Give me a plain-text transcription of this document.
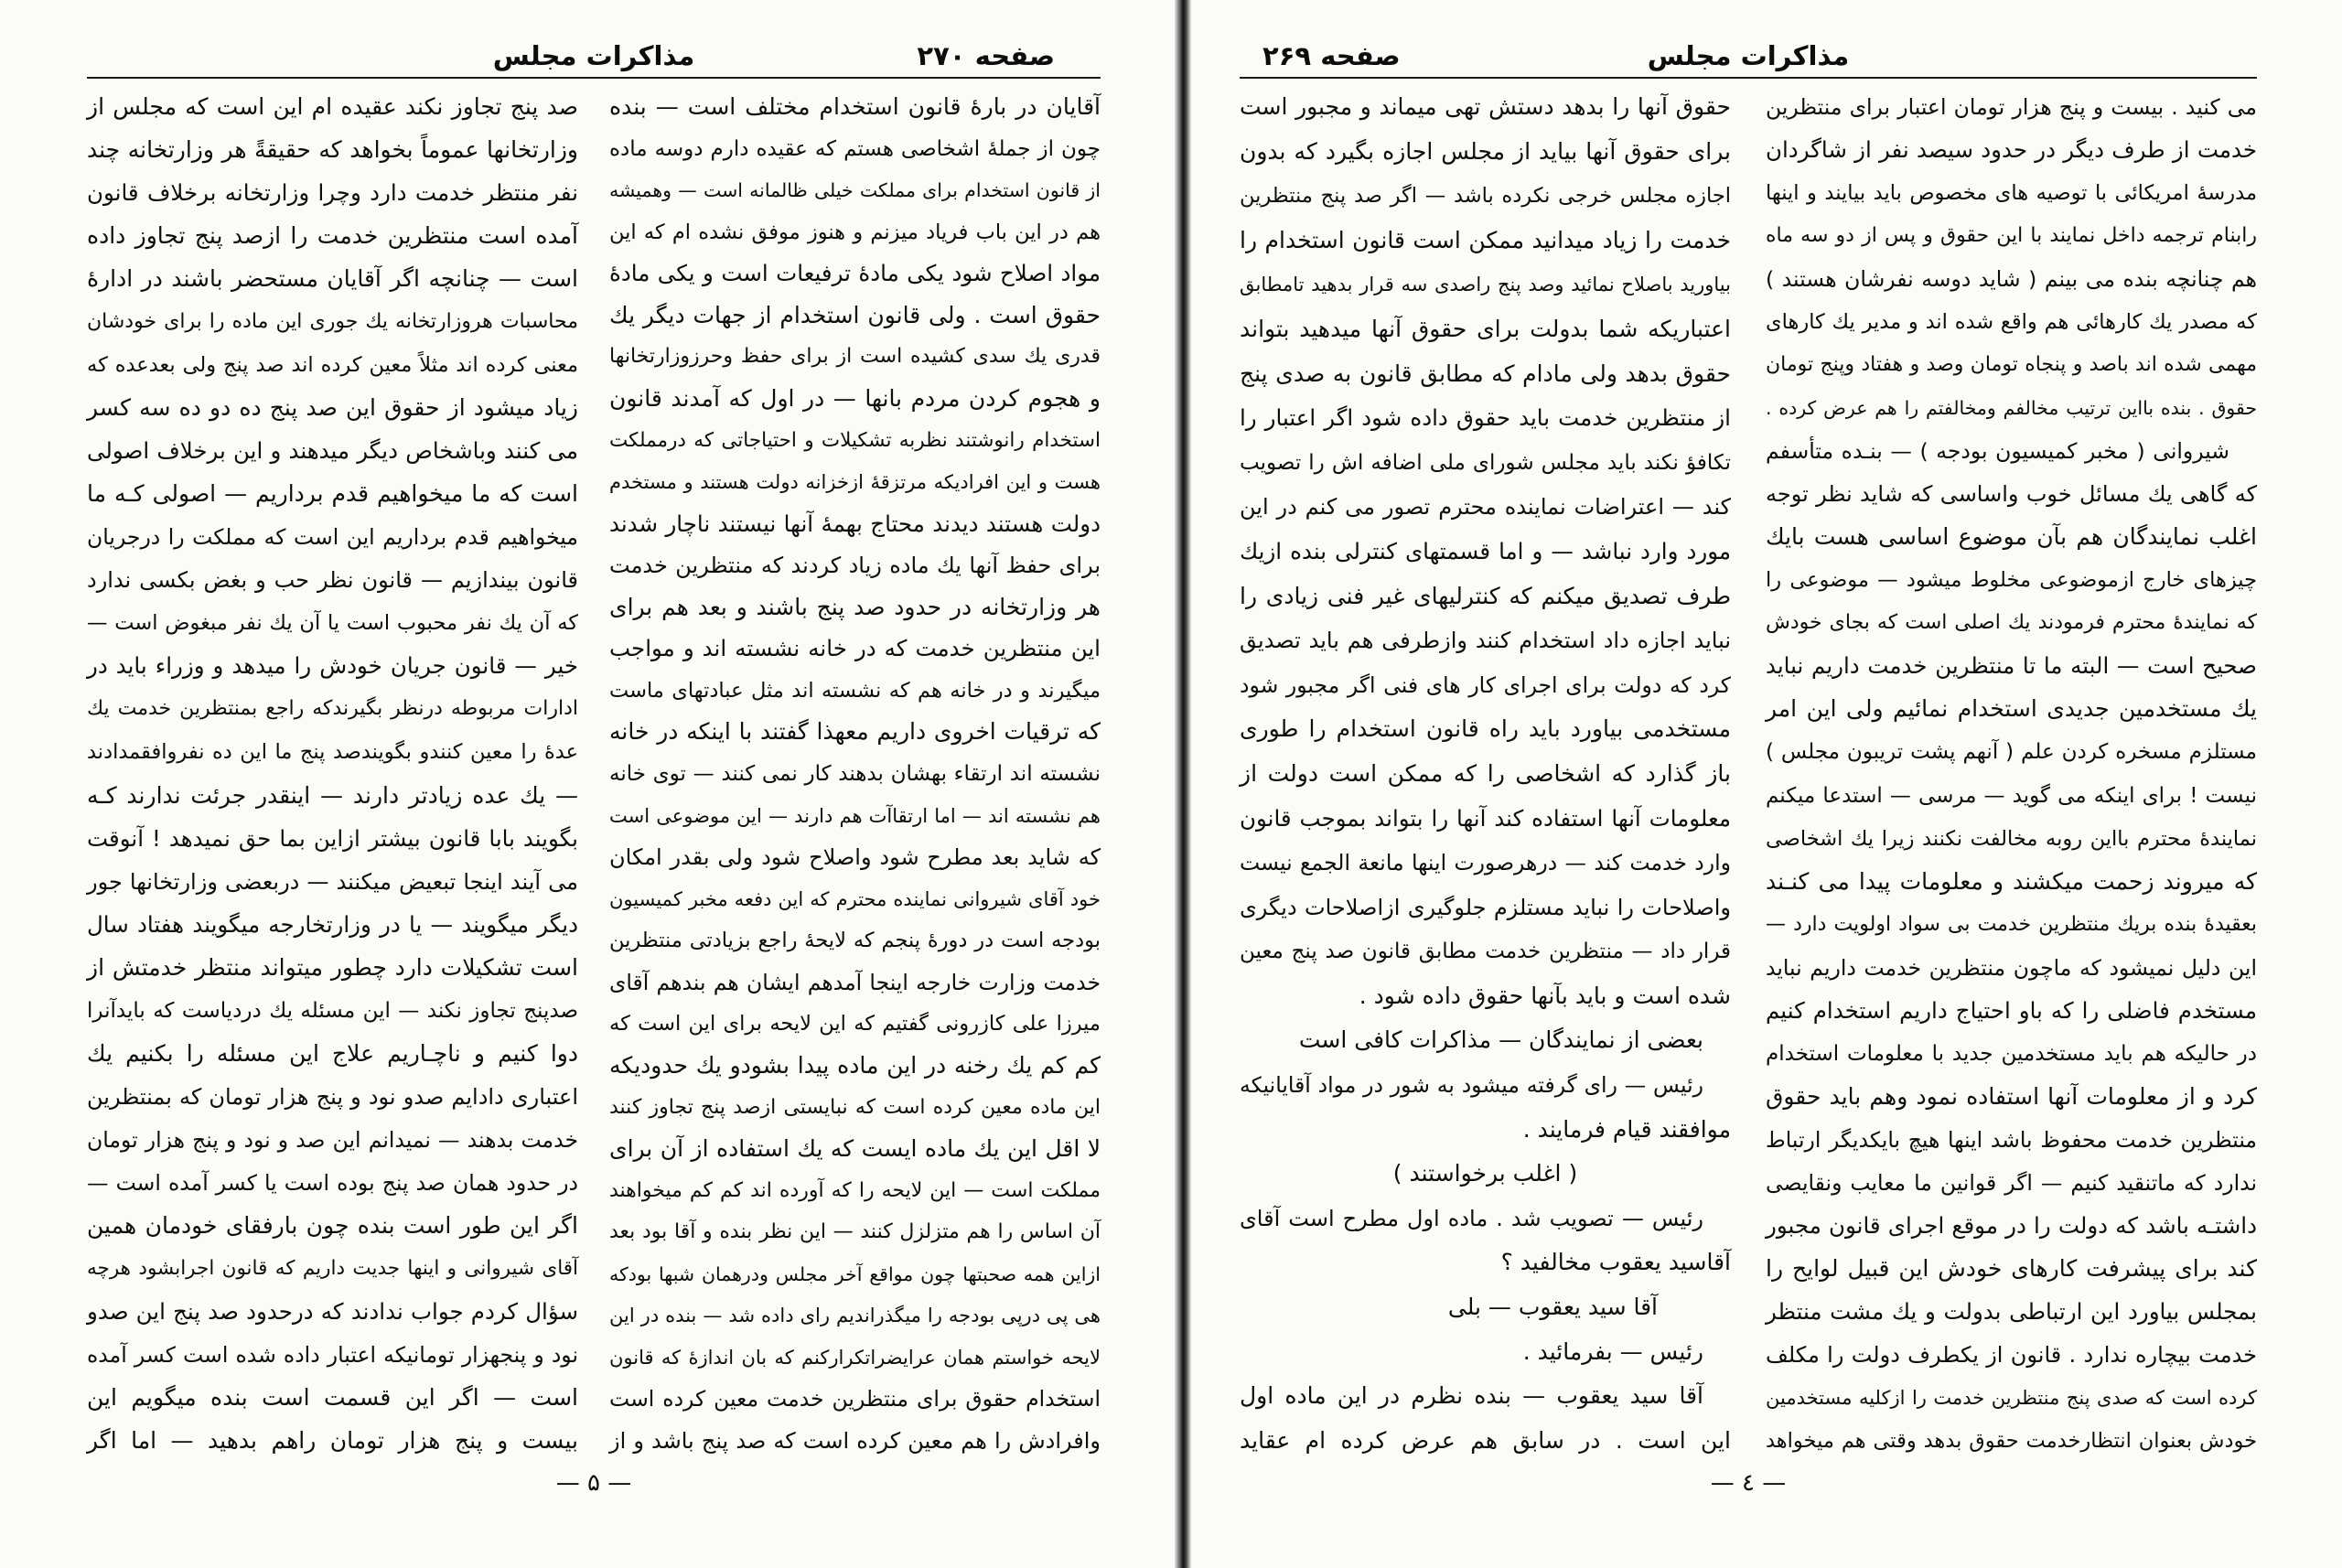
مذاکرات مجلس
صفحه ۲۶۹
می کنید . بیست و پنج هزار تومان اعتبار برای منتظرین
خدمت از طرف دیگر در حدود سیصد نفر از شاگردان
مدرسهٔ امریکائی با توصیه های مخصوص باید بیایند و اینها
رابنام ترجمه داخل نمایند با این حقوق و پس از دو سه ماه
هم چنانچه بنده می بینم ( شاید دوسه نفرشان هستند )
که مصدر یك کارهائی هم واقع شده اند و مدیر یك کارهای
مهمی شده اند باصد و پنجاه تومان وصد و هفتاد وپنج تومان
حقوق . بنده بااین ترتیب مخالفم ومخالفتم را هم عرض کرده .
شیروانی ( مخبر کمیسیون بودجه ) — بنـده متأسفم
که گاهی یك مسائل خوب واساسی که شاید نظر توجه
اغلب نمایندگان هم بآن موضوع اساسی هست بایك
چیزهای خارج ازموضوعی مخلوط میشود — موضوعی را
که نمایندهٔ محترم فرمودند یك اصلی است که بجای خودش
صحیح است — البته ما تا منتظرین خدمت داریم نباید
یك مستخدمین جدیدی استخدام نمائیم ولی این امر
مستلزم مسخره کردن علم ( آنهم پشت تریبون مجلس )
نیست ! برای اینکه می گوید — مرسی — استدعا میکنم
نمایندهٔ محترم بااین روبه مخالفت نکنند زیرا یك اشخاصی
که میروند زحمت میکشند و معلومات پیدا می کنـند
بعقیدهٔ بنده بریك منتظرین خدمت بی سواد اولویت دارد —
این دلیل نمیشود که ماچون منتظرین خدمت داریم نباید
مستخدم فاضلی را که باو احتیاج داریم استخدام کنیم
در حالیکه هم باید مستخدمین جدید با معلومات استخدام
کرد و از معلومات آنها استفاده نمود وهم باید حقوق
منتظرین خدمت محفوظ باشد اینها هیچ بایکدیگر ارتباط
ندارد که ماتنقید کنیم — اگر قوانین ما معایب ونقایصی
داشتـه باشد که دولت را در موقع اجرای قانون مجبور
کند برای پیشرفت کارهای خودش این قبیل لوایح را
بمجلس بیاورد این ارتباطی بدولت و یك مشت منتظر
خدمت بیچاره ندارد . قانون از یکطرف دولت را مکلف
کرده است که صدی پنج منتظرین خدمت را ازکلیه مستخدمین
خودش بعنوان انتظارخدمت حقوق بدهد وقتی هم میخواهد
حقوق آنها را بدهد دستش تهی میماند و مجبور است
برای حقوق آنها بیاید از مجلس اجازه بگیرد که بدون
اجازه مجلس خرجی نکرده باشد — اگر صد پنج منتظرین
خدمت را زیاد میدانید ممکن است قانون استخدام را
بیاورید باصلاح نمائید وصد پنج راصدی سه قرار بدهید تامطابق
اعتباریکه شما بدولت برای حقوق آنها میدهید بتواند
حقوق بدهد ولی مادام که مطابق قانون به صدی پنج
از منتظرین خدمت باید حقوق داده شود اگر اعتبار را
تکافؤ نکند باید مجلس شورای ملی اضافه اش را تصویب
کند — اعتراضات نماینده محترم تصور می کنم در این
مورد وارد نباشد — و اما قسمتهای کنترلی بنده ازیك
طرف تصدیق میکنم که کنترلیهای غیر فنی زیادی را
نباید اجازه داد استخدام کنند وازطرفی هم باید تصدیق
کرد که دولت برای اجرای کار های فنی اگر مجبور شود
مستخدمی بیاورد باید راه قانون استخدام را طوری
باز گذارد که اشخاصی را که ممکن است دولت از
معلومات آنها استفاده کند آنها را بتواند بموجب قانون
وارد خدمت کند — درهرصورت اینها مانعة الجمع نیست
واصلاحات را نباید مستلزم جلوگیری ازاصلاحات دیگری
قرار داد — منتظرین خدمت مطابق قانون صد پنج معین
شده است و باید بآنها حقوق داده شود .
بعضی از نمایندگان — مذاکرات کافی است
رئیس — رای گرفته میشود به شور در مواد آقایانیکه
موافقند قیام فرمایند .
( اغلب برخواستند )
رئیس — تصویب شد . ماده اول مطرح است آقای
آقاسید یعقوب مخالفید ؟
آقا سید یعقوب — بلی
رئیس — بفرمائید .
آقا سید یعقوب — بنده نظرم در این ماده اول
این است . در سابق هم عرض کرده ام عقاید
— ٤ —
مذاکرات مجلس	صفحه ۲۷۰
آقایان در بارهٔ قانون استخدام مختلف است — بنده
چون از جملهٔ اشخاصی هستم که عقیده دارم دوسه ماده
از قانون استخدام برای مملکت خیلی ظالمانه است — وهمیشه
هم در این باب فریاد میزنم و هنوز موفق نشده ام که این
مواد اصلاح شود یکی مادهٔ ترفیعات است و یکی مادهٔ
حقوق است . ولی قانون استخدام از جهات دیگر یك
قدری یك سدی کشیده است از برای حفظ وحرزوزارتخانها
و هجوم کردن مردم بانها — در اول که آمدند قانون
استخدام رانوشتند نظربه تشکیلات و احتیاجاتی که درمملکت
هست و این افرادیکه مرتزقهٔ ازخزانه دولت هستند و مستخدم
دولت هستند دیدند محتاج بهمهٔ آنها نیستند ناچار شدند
برای حفظ آنها یك ماده زیاد کردند که منتظرین خدمت
هر وزارتخانه در حدود صد پنج باشند و بعد هم برای
این منتظرین خدمت که در خانه نشسته اند و مواجب
میگیرند و در خانه هم که نشسته اند مثل عبادتهای ماست
که ترقیات اخروی داریم معهذا گفتند با اینکه در خانه
نشسته اند ارتقاء بهشان بدهند کار نمی کنند — توی خانه
هم نشسته اند — اما ارتقاآت هم دارند — این موضوعی است
که شاید بعد مطرح شود واصلاح شود ولی بقدر امکان
خود آقای شیروانی نماینده محترم که این دفعه مخبر کمیسیون
بودجه است در دورهٔ پنجم که لایحهٔ راجع بزیادتی منتظرین
خدمت وزارت خارجه اینجا آمدهم ایشان هم بندهم آقای
میرزا علی کازرونی گفتیم که این لایحه برای این است که
کم کم یك رخنه در این ماده پیدا بشودو یك حدودیکه
این ماده معین کرده است که نبایستی ازصد پنج تجاوز کنند
لا اقل این یك ماده ایست که یك استفاده از آن برای
مملکت است — این لایحه را که آورده اند کم کم میخواهند
آن اساس را هم متزلزل کنند — این نظر بنده و آقا بود بعد
ازاین همه صحبتها چون مواقع آخر مجلس ودرهمان شبها بودکه
هی پی درپی بودجه را میگذراندیم رای داده شد — بنده در این
لایحه خواستم همان عرایضراتکرارکنم که بان اندازهٔ که قانون
استخدام حقوق برای منتظرین خدمت معین کرده است
وافرادش را هم معین کرده است که صد پنج باشد و از
صد پنج تجاوز نکند عقیده ام این است که مجلس از
وزارتخانها عموماً بخواهد که حقیقةً هر وزارتخانه چند
نفر منتظر خدمت دارد وچرا وزارتخانه برخلاف قانون
آمده است منتظرین خدمت را ازصد پنج تجاوز داده
است — چنانچه اگر آقایان مستحضر باشند در ادارهٔ
محاسبات هروزارتخانه یك جوری این ماده را برای خودشان
معنی کرده اند مثلاً معین کرده اند صد پنج ولی بعدعده که
زیاد میشود از حقوق این صد پنج ده دو ده سه کسر
می کنند وباشخاص دیگر میدهند و این برخلاف اصولی
است که ما میخواهیم قدم برداریم — اصولی کـه ما
میخواهیم قدم برداریم این است که مملکت را درجریان
قانون بیندازیم — قانون نظر حب و بغض بکسی ندارد
که آن یك نفر محبوب است یا آن یك نفر مبغوض است —
خیر — قانون جریان خودش را میدهد و وزراء باید در
ادارات مربوطه درنظر بگیرندکه راجع بمنتظرین خدمت یك
عدهٔ را معین کنندو بگویندصد پنج ما این ده نفروافقمدادند
— یك عده زیادتر دارند — اینقدر جرئت ندارند کـه
بگویند بابا قانون بیشتر ازاین بما حق نمیدهد ! آنوقت
می آیند اینجا تبعیض میکنند — دربعضی وزارتخانها جور
دیگر میگویند — یا در وزارتخارجه میگویند هفتاد سال
است تشکیلات دارد چطور میتواند منتظر خدمتش از
صدپنج تجاوز نکند — این مسئله یك دردیاست که بایدآنرا
دوا کنیم و ناچـاریم علاج این مسئله را بکنیم یك
اعتباری دادایم صدو نود و پنج هزار تومان که بمنتظرین
خدمت بدهند — نمیدانم این صد و نود و پنج هزار تومان
در حدود همان صد پنج بوده است یا کسر آمده است —
اگر این طور است بنده چون بارفقای خودمان همین
آقای شیروانی و اینها جدیت داریم که قانون اجرابشود هرچه
سؤال کردم جواب ندادند که درحدود صد پنج این صدو
نود و پنجهزار تومانیکه اعتبار داده شده است کسر آمده
است — اگر این قسمت است بنده میگویم این
بیست و پنج هزار تومان راهم بدهید — اما اگر
— ۵ —
